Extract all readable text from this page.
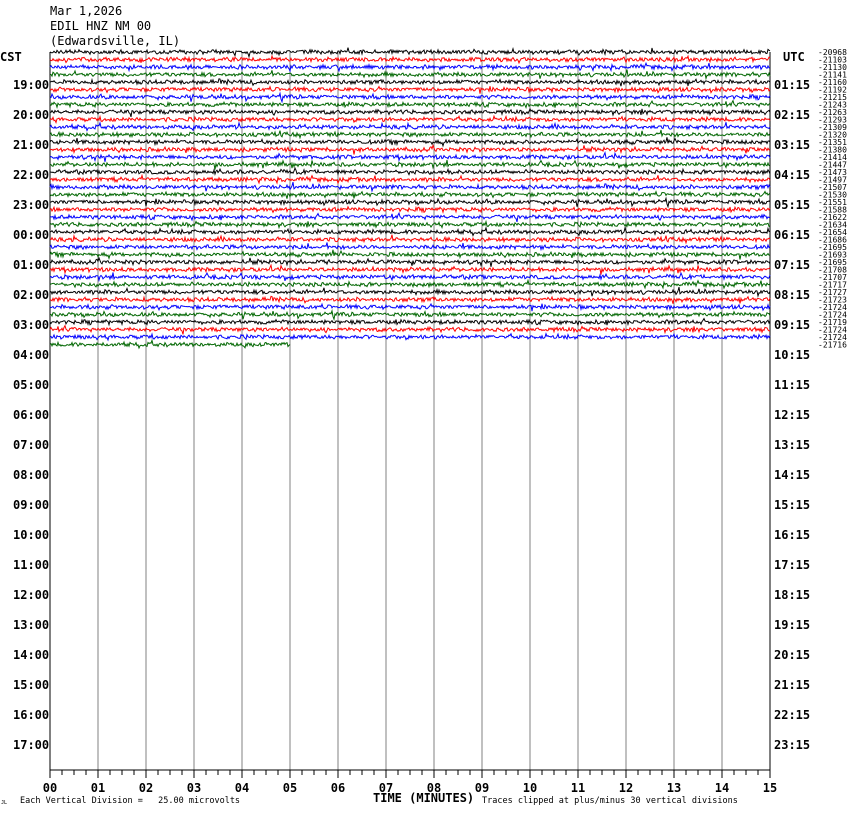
Mar 1,2026
EDIL HNZ NM 00
(Edwardsville, IL)
-20968
-21103
-21130
-21141
-21160
-21192
-21215
-21243
-21263
-21293
-21309
-21320
-21351
-21380
-21414
-21447
-21473
-21497
-21507
-21530
-21551
-21588
-21622
-21634
-21654
-21686
-21695
-21693
-21695
-21708
-21707
-21717
-21727
-21723
-21724
-21724
-21719
-21724
-21724
-21716
19:00
20:00
21:00
22:00
23:00
00:00
01:00
02:00
03:00
04:00
05:00
06:00
07:00
08:00
09:00
10:00
11:00
12:00
13:00
14:00
15:00
16:00
17:00
01:15
02:15
03:15
04:15
05:15
06:15
07:15
08:15
09:15
10:15
11:15
12:15
13:15
14:15
15:15
16:15
17:15
18:15
19:15
20:15
21:15
22:15
23:15
00	01	02	03	04	05	06	07	08	09	10	11	12	13	14	15
CST	UTC
TIME (MINUTES)
Each Vertical Division =   25.00 microvolts	Traces clipped at plus/minus 30 vertical divisions
JL
